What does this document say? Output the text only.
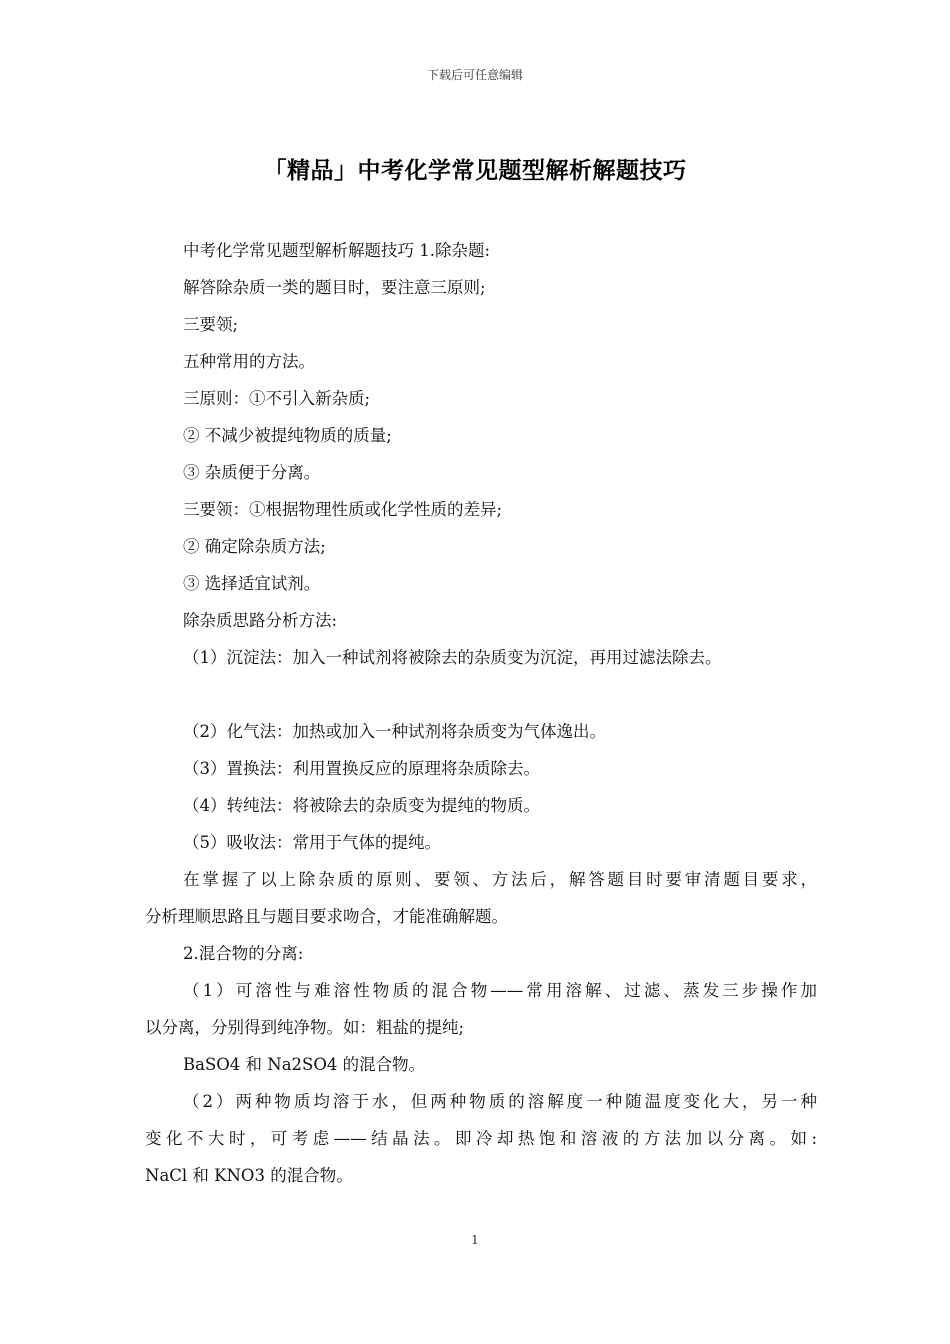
下载后可任意编辑
「精品」中考化学常见题型解析解题技巧
中考化学常见题型解析解题技巧 1.除杂题:
解答除杂质一类的题目时，要注意三原则;
三要领;
五种常用的方法。
三原则：①不引入新杂质;
② 不减少被提纯物质的质量;
③ 杂质便于分离。
三要领：①根据物理性质或化学性质的差异;
② 确定除杂质方法;
③ 选择适宜试剂。
除杂质思路分析方法:
（1）沉淀法：加入一种试剂将被除去的杂质变为沉淀，再用过滤法除去。
（2）化气法：加热或加入一种试剂将杂质变为气体逸出。
（3）置换法：利用置换反应的原理将杂质除去。
（4）转纯法：将被除去的杂质变为提纯的物质。
（5）吸收法：常用于气体的提纯。
在掌握了以上除杂质的原则、要领、方法后，解答题目时要审清题目要求，
分析理顺思路且与题目要求吻合，才能准确解题。
2.混合物的分离:
（1）可溶性与难溶性物质的混合物——常用溶解、过滤、蒸发三步操作加
以分离，分别得到纯净物。如：粗盐的提纯;
BaSO4 和 Na2SO4 的混合物。
（2）两种物质均溶于水，但两种物质的溶解度一种随温度变化大，另一种
变化不大时，可考虑——结晶法。即冷却热饱和溶液的方法加以分离。如:
NaCl 和 KNO3 的混合物。
1
